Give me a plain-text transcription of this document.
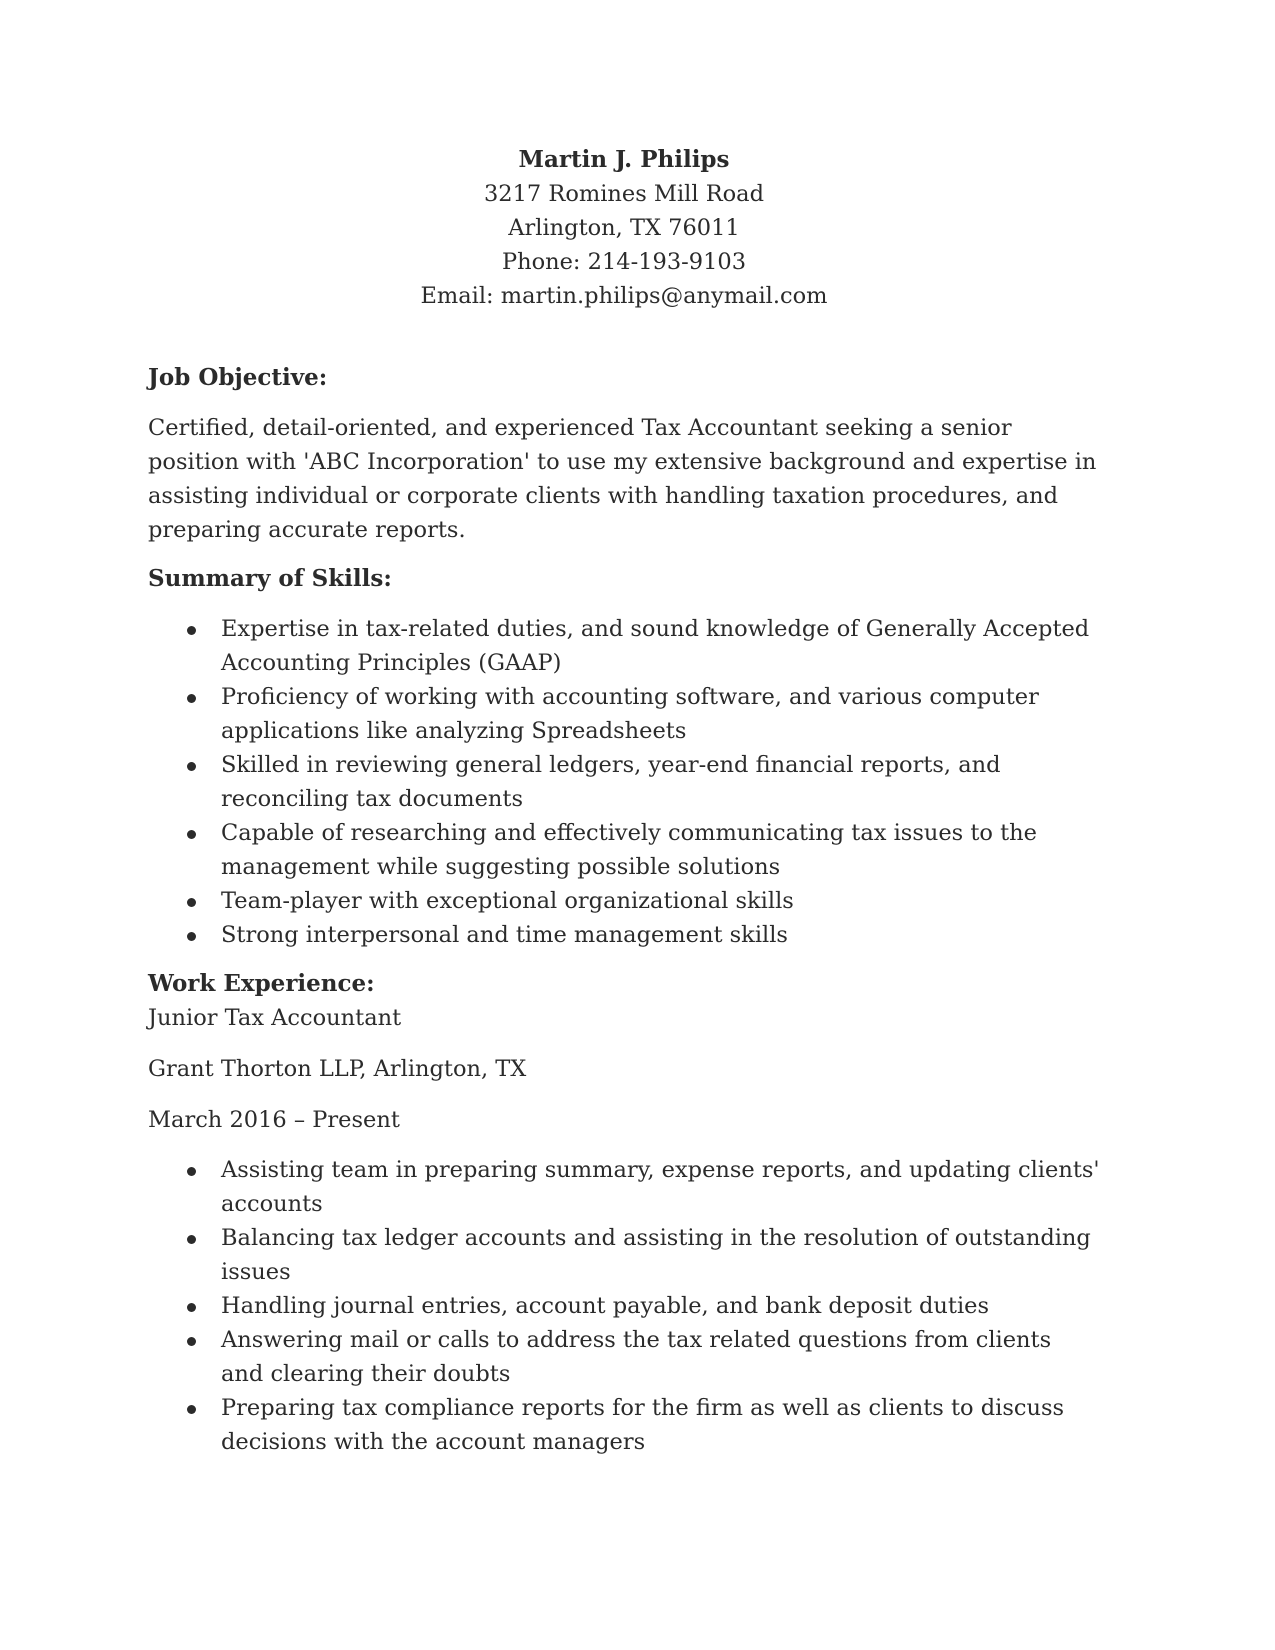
Martin J. Philips
3217 Romines Mill Road
Arlington, TX 76011
Phone: 214-193-9103
Email: martin.philips@anymail.com
Job Objective:

Certified, detail-oriented, and experienced Tax Accountant seeking a senior position with 'ABC Incorporation' to use my extensive background and expertise in assisting individual or corporate clients with handling taxation procedures, and preparing accurate reports.

Summary of Skills:
Expertise in tax-related duties, and sound knowledge of Generally Accepted Accounting Principles (GAAP)
Proficiency of working with accounting software, and various computer applications like analyzing Spreadsheets
Skilled in reviewing general ledgers, year-end financial reports, and reconciling tax documents
Capable of researching and effectively communicating tax issues to the management while suggesting possible solutions
Team-player with exceptional organizational skills
Strong interpersonal and time management skills
Work Experience:
Junior Tax Accountant
Grant Thorton LLP, Arlington, TX
March 2016 – Present
Assisting team in preparing summary, expense reports, and updating clients' accounts
Balancing tax ledger accounts and assisting in the resolution of outstanding issues
Handling journal entries, account payable, and bank deposit duties
Answering mail or calls to address the tax related questions from clients and clearing their doubts
Preparing tax compliance reports for the firm as well as clients to discuss decisions with the account managers
